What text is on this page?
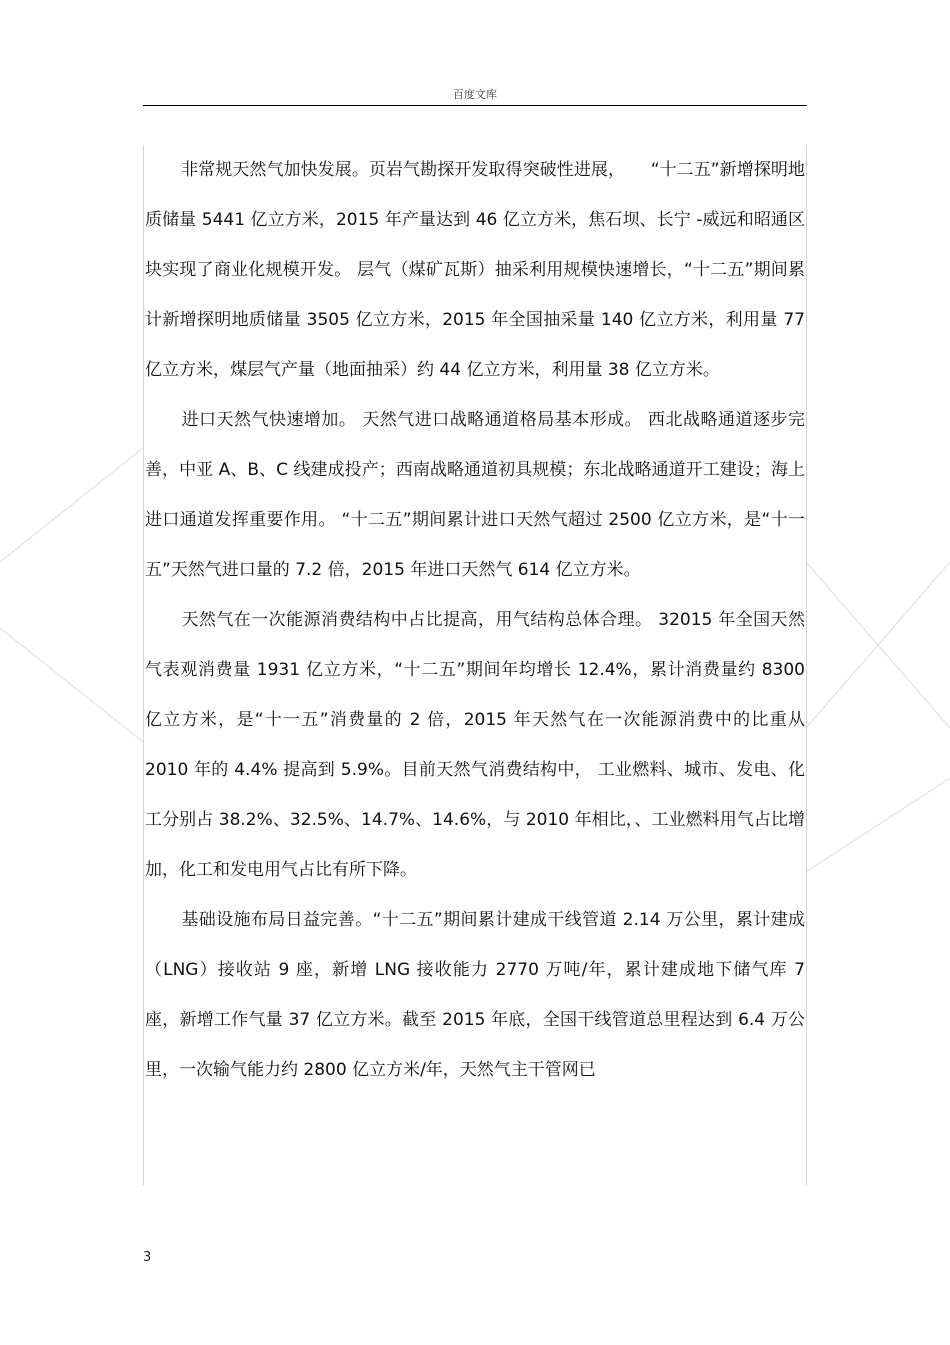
百度文库

非常规天然气加快发展。页岩气勘探开发取得突破性进展，　　“十二五”新增探明地质储量 5441 亿立方米，2015 年产量达到 46 亿立方米，焦石坝、长宁 -威远和昭通区块实现了商业化规模开发。 层气（煤矿瓦斯）抽采利用规模快速增长，“十二五”期间累计新增探明地质储量 3505 亿立方米，2015 年全国抽采量 140 亿立方米，利用量 77 亿立方米，煤层气产量（地面抽采）约 44 亿立方米，利用量 38 亿立方米。

进口天然气快速增加。 天然气进口战略通道格局基本形成。 西北战略通道逐步完善，中亚 A、B、C 线建成投产；西南战略通道初具规模；东北战略通道开工建设；海上进口通道发挥重要作用。 “十二五”期间累计进口天然气超过 2500 亿立方米，是“十一五”天然气进口量的 7.2 倍，2015 年进口天然气 614 亿立方米。

天然气在一次能源消费结构中占比提高，用气结构总体合理。 32015 年全国天然气表观消费量 1931 亿立方米，“十二五”期间年均增长 12.4%，累计消费量约 8300 亿立方米，是“十一五”消费量的 2 倍，2015 年天然气在一次能源消费中的比重从 2010 年的 4.4% 提高到 5.9%。目前天然气消费结构中， 工业燃料、城市、发电、化工分别占 38.2%、32.5%、14.7%、14.6%，与 2010 年相比，、工业燃料用气占比增加，化工和发电用气占比有所下降。

基础设施布局日益完善。“十二五”期间累计建成干线管道 2.14 万公里，累计建成（LNG）接收站 9 座，新增 LNG 接收能力 2770 万吨/年，累计建成地下储气库 7 座，新增工作气量 37 亿立方米。截至 2015 年底，全国干线管道总里程达到 6.4 万公里，一次输气能力约 2800 亿立方米/年，天然气主干管网已

3
